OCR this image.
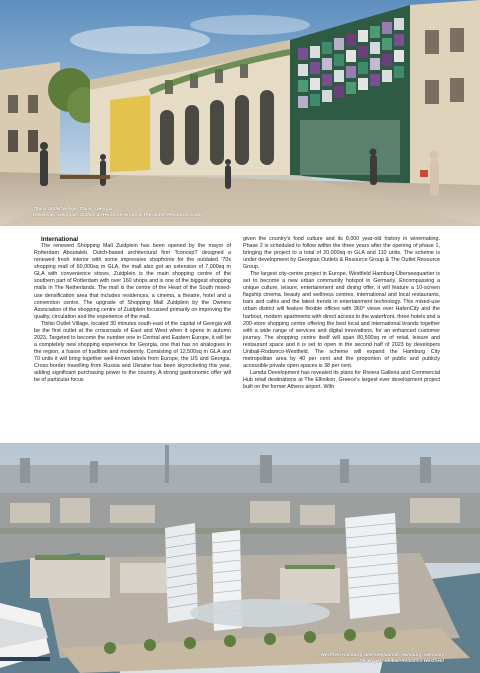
Tbilisi Outlet Village, Tbilisi, Georgia
Developer: Georgian Outlets & Resource Group & The Outlet Resource Group

International

The renewed Shopping Mall Zuidplein has been opened by the mayor of Rotterdam Aboutaleb. Dutch-based architectural firm TconcepT designed a renewed fresh interior with some impressive shopfronts for the outdated ’70s shopping mall of 60,000sq m GLA, the mall also got an extension of 7,000sq m GLA with convenience stores. Zuidplein is the main shopping centre of the southern part of Rotterdam with over 160 shops and is one of the biggest shopping malls in The Netherlands. The mall is the centre of the Heart of the South mixed-use densification area that includes residences, a cinema, a theatre, hotel and a convention centre. The upgrade of Shopping Mall Zuidplein by the Owners Association of the shopping centre of Zuidplein focussed primarily on improving the quality, circulation and the experience of the mall.

Tbilisi Outlet Village, located 30 minutes south-east of the capital of Georgia will be the first outlet at the crossroads of East and West when it opens in autumn 2023. Targeted to become the number one in Central and Eastern Europe, it will be a completely new shopping experience for Georgia, one that has no analogues in the region, a fusion of tradition and modernity. Consisting of 12,500sq m GLA and 70 units it will bring together well-known labels from Europe, the US and Georgia. Cross border travelling from Russia and Ukraine has been skyrocketing this year, adding significant purchasing power to the country. A strong gastronomic offer will be of particular focus

given the country’s food culture and its 8,000 year-old history in winemaking. Phase 2 is scheduled to follow within the three years after the opening of phase 1, bringing the project to a total of 20,000sq m GLA and 110 units. The scheme is under development by Georgian Outlets & Resource Group & The Outlet Resource Group.

The largest city-centre project in Europe, Westfield Hamburg-Überseequartier is set to become a new urban community hotspot in Germany. Encompassing a unique culture, leisure, entertainment and dining offer, it will feature a 10-screen flagship cinema, beauty and wellness centres, international and local restaurants, bars and cafés and the latest trends in entertainment technology. This mixed-use urban district will feature flexible offices with 360° views over HafenCity and the harbour, modern apartments with direct access to the waterfront, three hotels and a 200-store shopping centre offering the best local and international brands together with a wide range of services and digital innovations, for an enhanced customer journey. The shopping centre itself will span 80,500sq m of retail, leisure and restaurant space and it is set to open in the second half of 2023 by developers Unibail-Rodamco-Westfield. The scheme will expand the Hamburg City metropolitan area by 40 per cent and the proportion of public and publicly accessible private open spaces is 38 per cent.

Lamda Development has revealed its plans for Riviera Galleria and Commercial Hub retail destinations at The Ellinikon, Greece’s largest ever development project built on the former Athens airport. With

Westfield Hamburg-Überseequartier, Hamburg, Germany
Developer: Unibail-Rodamco-Westfield
